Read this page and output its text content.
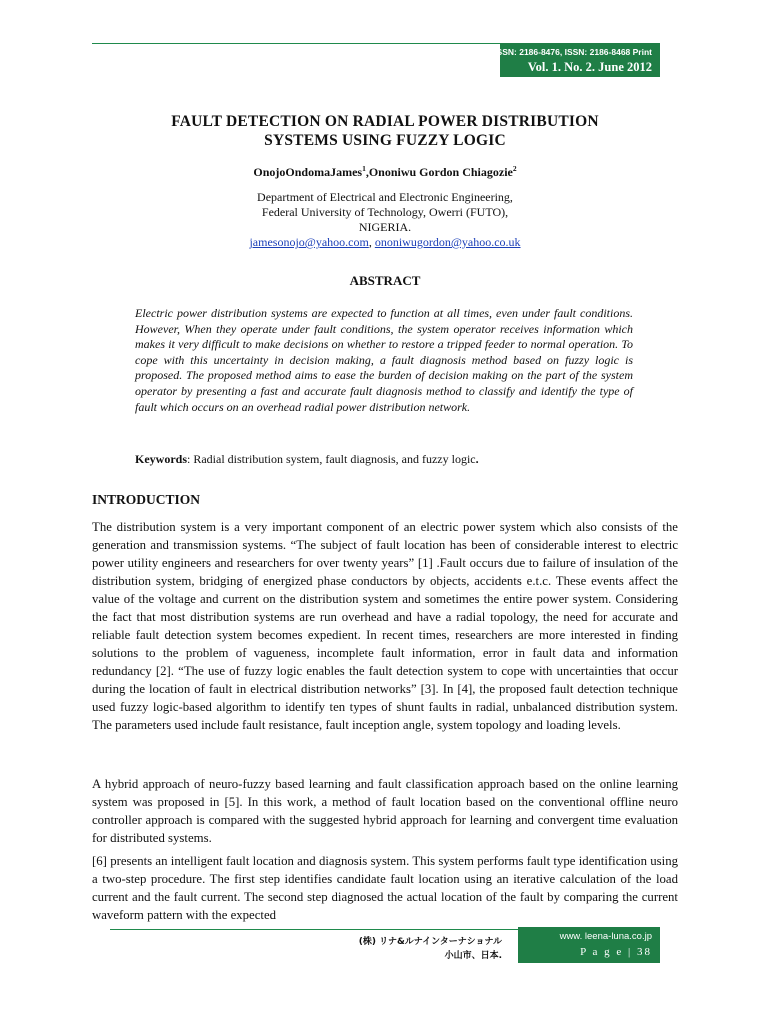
ISSN: 2186-8476, ISSN: 2186-8468 Print
Vol. 1. No. 2. June 2012
FAULT DETECTION ON RADIAL POWER DISTRIBUTION
SYSTEMS USING FUZZY LOGIC
OnojoOndomaJames$^1$,Ononiwu Gordon Chiagozie$^2$
Department of Electrical and Electronic Engineering,
Federal University of Technology, Owerri (FUTO),
NIGERIA.
jamesonojo@yahoo.com, ononiwugordon@yahoo.co.uk
ABSTRACT
Electric power distribution systems are expected to function at all times, even under fault conditions. However, When they operate under fault conditions, the system operator receives information which makes it very difficult to make decisions on whether to restore a tripped feeder to normal operation. To cope with this uncertainty in decision making, a fault diagnosis method based on fuzzy logic is proposed. The proposed method aims to ease the burden of decision making on the part of the system operator by presenting a fast and accurate fault diagnosis method to classify and identify the type of fault which occurs on an overhead radial power distribution network.
Keywords: Radial distribution system, fault diagnosis, and fuzzy logic.
INTRODUCTION
The distribution system is a very important component of an electric power system which also consists of the generation and transmission systems. “The subject of fault location has been of considerable interest to electric power utility engineers and researchers for over twenty years” [1] .Fault occurs due to failure of insulation of the distribution system, bridging of energized phase conductors by objects, accidents e.t.c. These events affect the value of the voltage and current on the distribution system and sometimes the entire power system. Considering the fact that most distribution systems are run overhead and have a radial topology, the need for accurate and reliable fault detection system becomes expedient. In recent times, researchers are more interested in finding solutions to the problem of vagueness, incomplete fault information, error in fault data and information redundancy [2]. “The use of fuzzy logic enables the fault detection system to cope with uncertainties that occur during the location of fault in electrical distribution networks” [3]. In [4], the proposed fault detection technique used fuzzy logic-based algorithm to identify ten types of shunt faults in radial, unbalanced distribution system. The parameters used include fault resistance, fault inception angle, system topology and loading levels.
A hybrid approach of neuro-fuzzy based learning and fault classification approach based on the online learning system was proposed in [5]. In this work, a method of fault location based on the conventional offline neuro controller approach is compared with the suggested hybrid approach for learning and convergent time evaluation for distributed systems.
[6] presents an intelligent fault location and diagnosis system. This system performs fault type identification using a two-step procedure. The first step identifies candidate fault location using an iterative calculation of the load current and the fault current. The second step diagnosed the actual location of the fault by comparing the current waveform pattern with the expected
(株) リナ&ルナインターナショナル
小山市、日本.
www. leena-luna.co.jp
P a g e | 38
